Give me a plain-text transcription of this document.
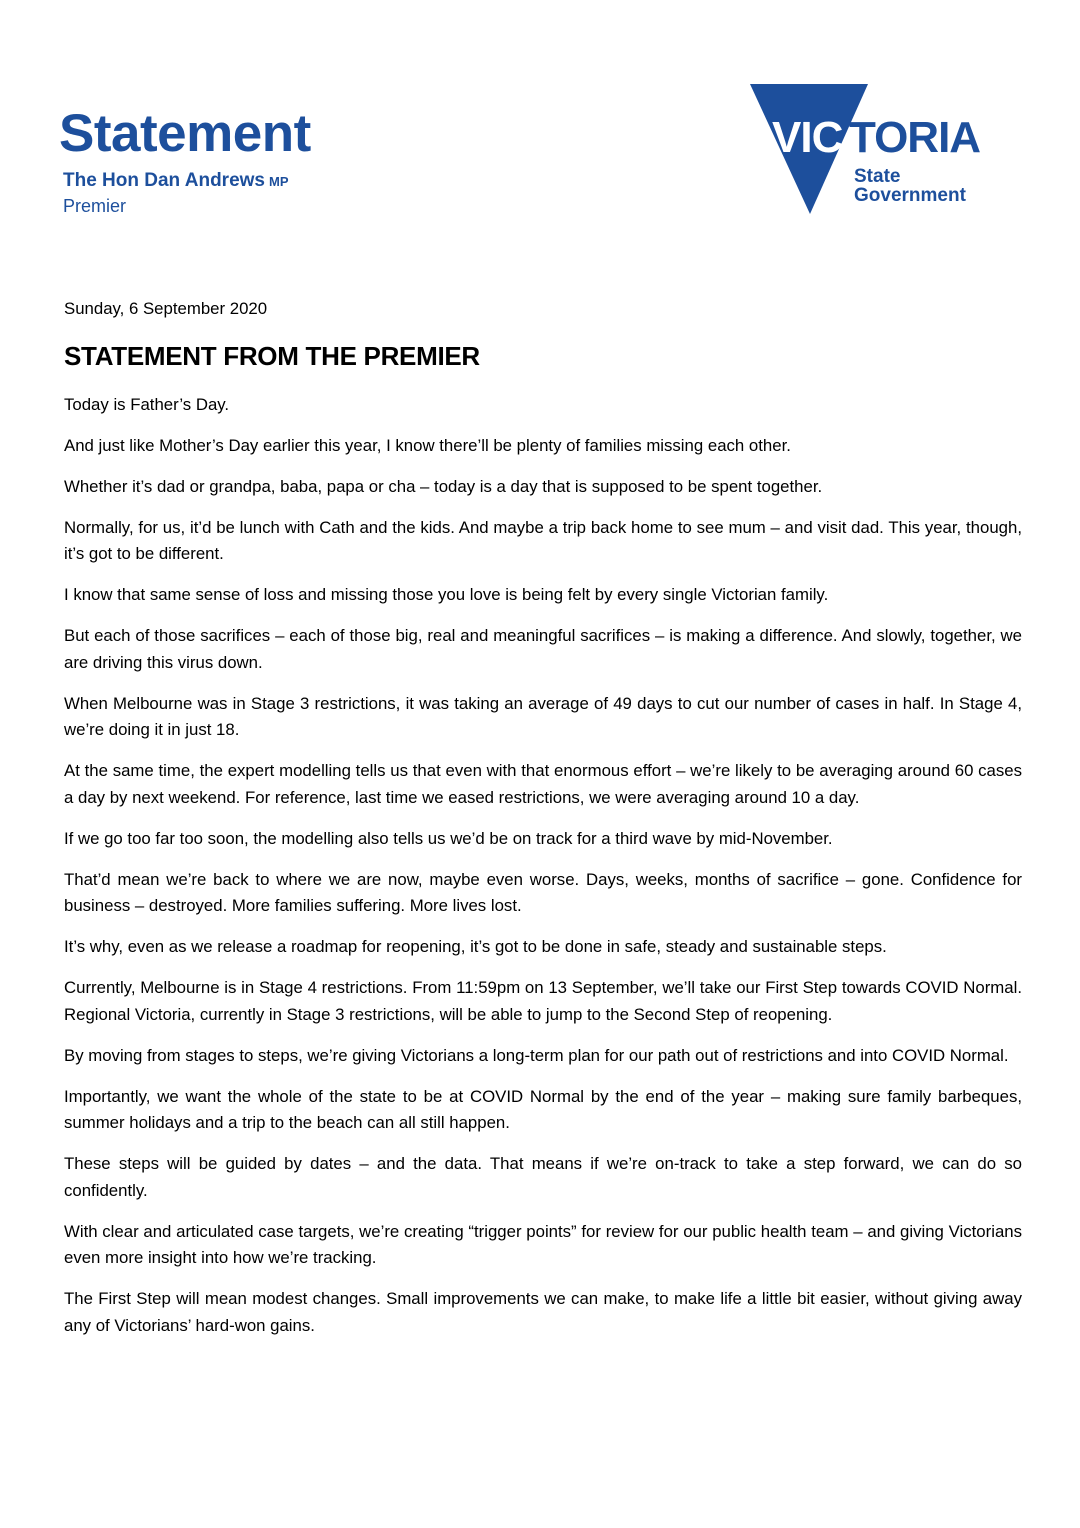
Statement
The Hon Dan Andrews MP
Premier
VIC TORIA
State
Government

Sunday, 6 September 2020

STATEMENT FROM THE PREMIER

Today is Father’s Day.

And just like Mother’s Day earlier this year, I know there’ll be plenty of families missing each other.

Whether it’s dad or grandpa, baba, papa or cha – today is a day that is supposed to be spent together.

Normally, for us, it’d be lunch with Cath and the kids. And maybe a trip back home to see mum – and visit dad. This year, though, it’s got to be different.

I know that same sense of loss and missing those you love is being felt by every single Victorian family.

But each of those sacrifices – each of those big, real and meaningful sacrifices – is making a difference. And slowly, together, we are driving this virus down.

When Melbourne was in Stage 3 restrictions, it was taking an average of 49 days to cut our number of cases in half. In Stage 4, we’re doing it in just 18.

At the same time, the expert modelling tells us that even with that enormous effort – we’re likely to be averaging around 60 cases a day by next weekend. For reference, last time we eased restrictions, we were averaging around 10 a day.

If we go too far too soon, the modelling also tells us we’d be on track for a third wave by mid-November.

That’d mean we’re back to where we are now, maybe even worse. Days, weeks, months of sacrifice – gone. Confidence for business – destroyed. More families suffering. More lives lost.

It’s why, even as we release a roadmap for reopening, it’s got to be done in safe, steady and sustainable steps.

Currently, Melbourne is in Stage 4 restrictions. From 11:59pm on 13 September, we’ll take our First Step towards COVID Normal. Regional Victoria, currently in Stage 3 restrictions, will be able to jump to the Second Step of reopening.

By moving from stages to steps, we’re giving Victorians a long-term plan for our path out of restrictions and into COVID Normal.

Importantly, we want the whole of the state to be at COVID Normal by the end of the year – making sure family barbeques, summer holidays and a trip to the beach can all still happen.

These steps will be guided by dates – and the data. That means if we’re on-track to take a step forward, we can do so confidently.

With clear and articulated case targets, we’re creating “trigger points” for review for our public health team – and giving Victorians even more insight into how we’re tracking.

The First Step will mean modest changes. Small improvements we can make, to make life a little bit easier, without giving away any of Victorians’ hard-won gains.
